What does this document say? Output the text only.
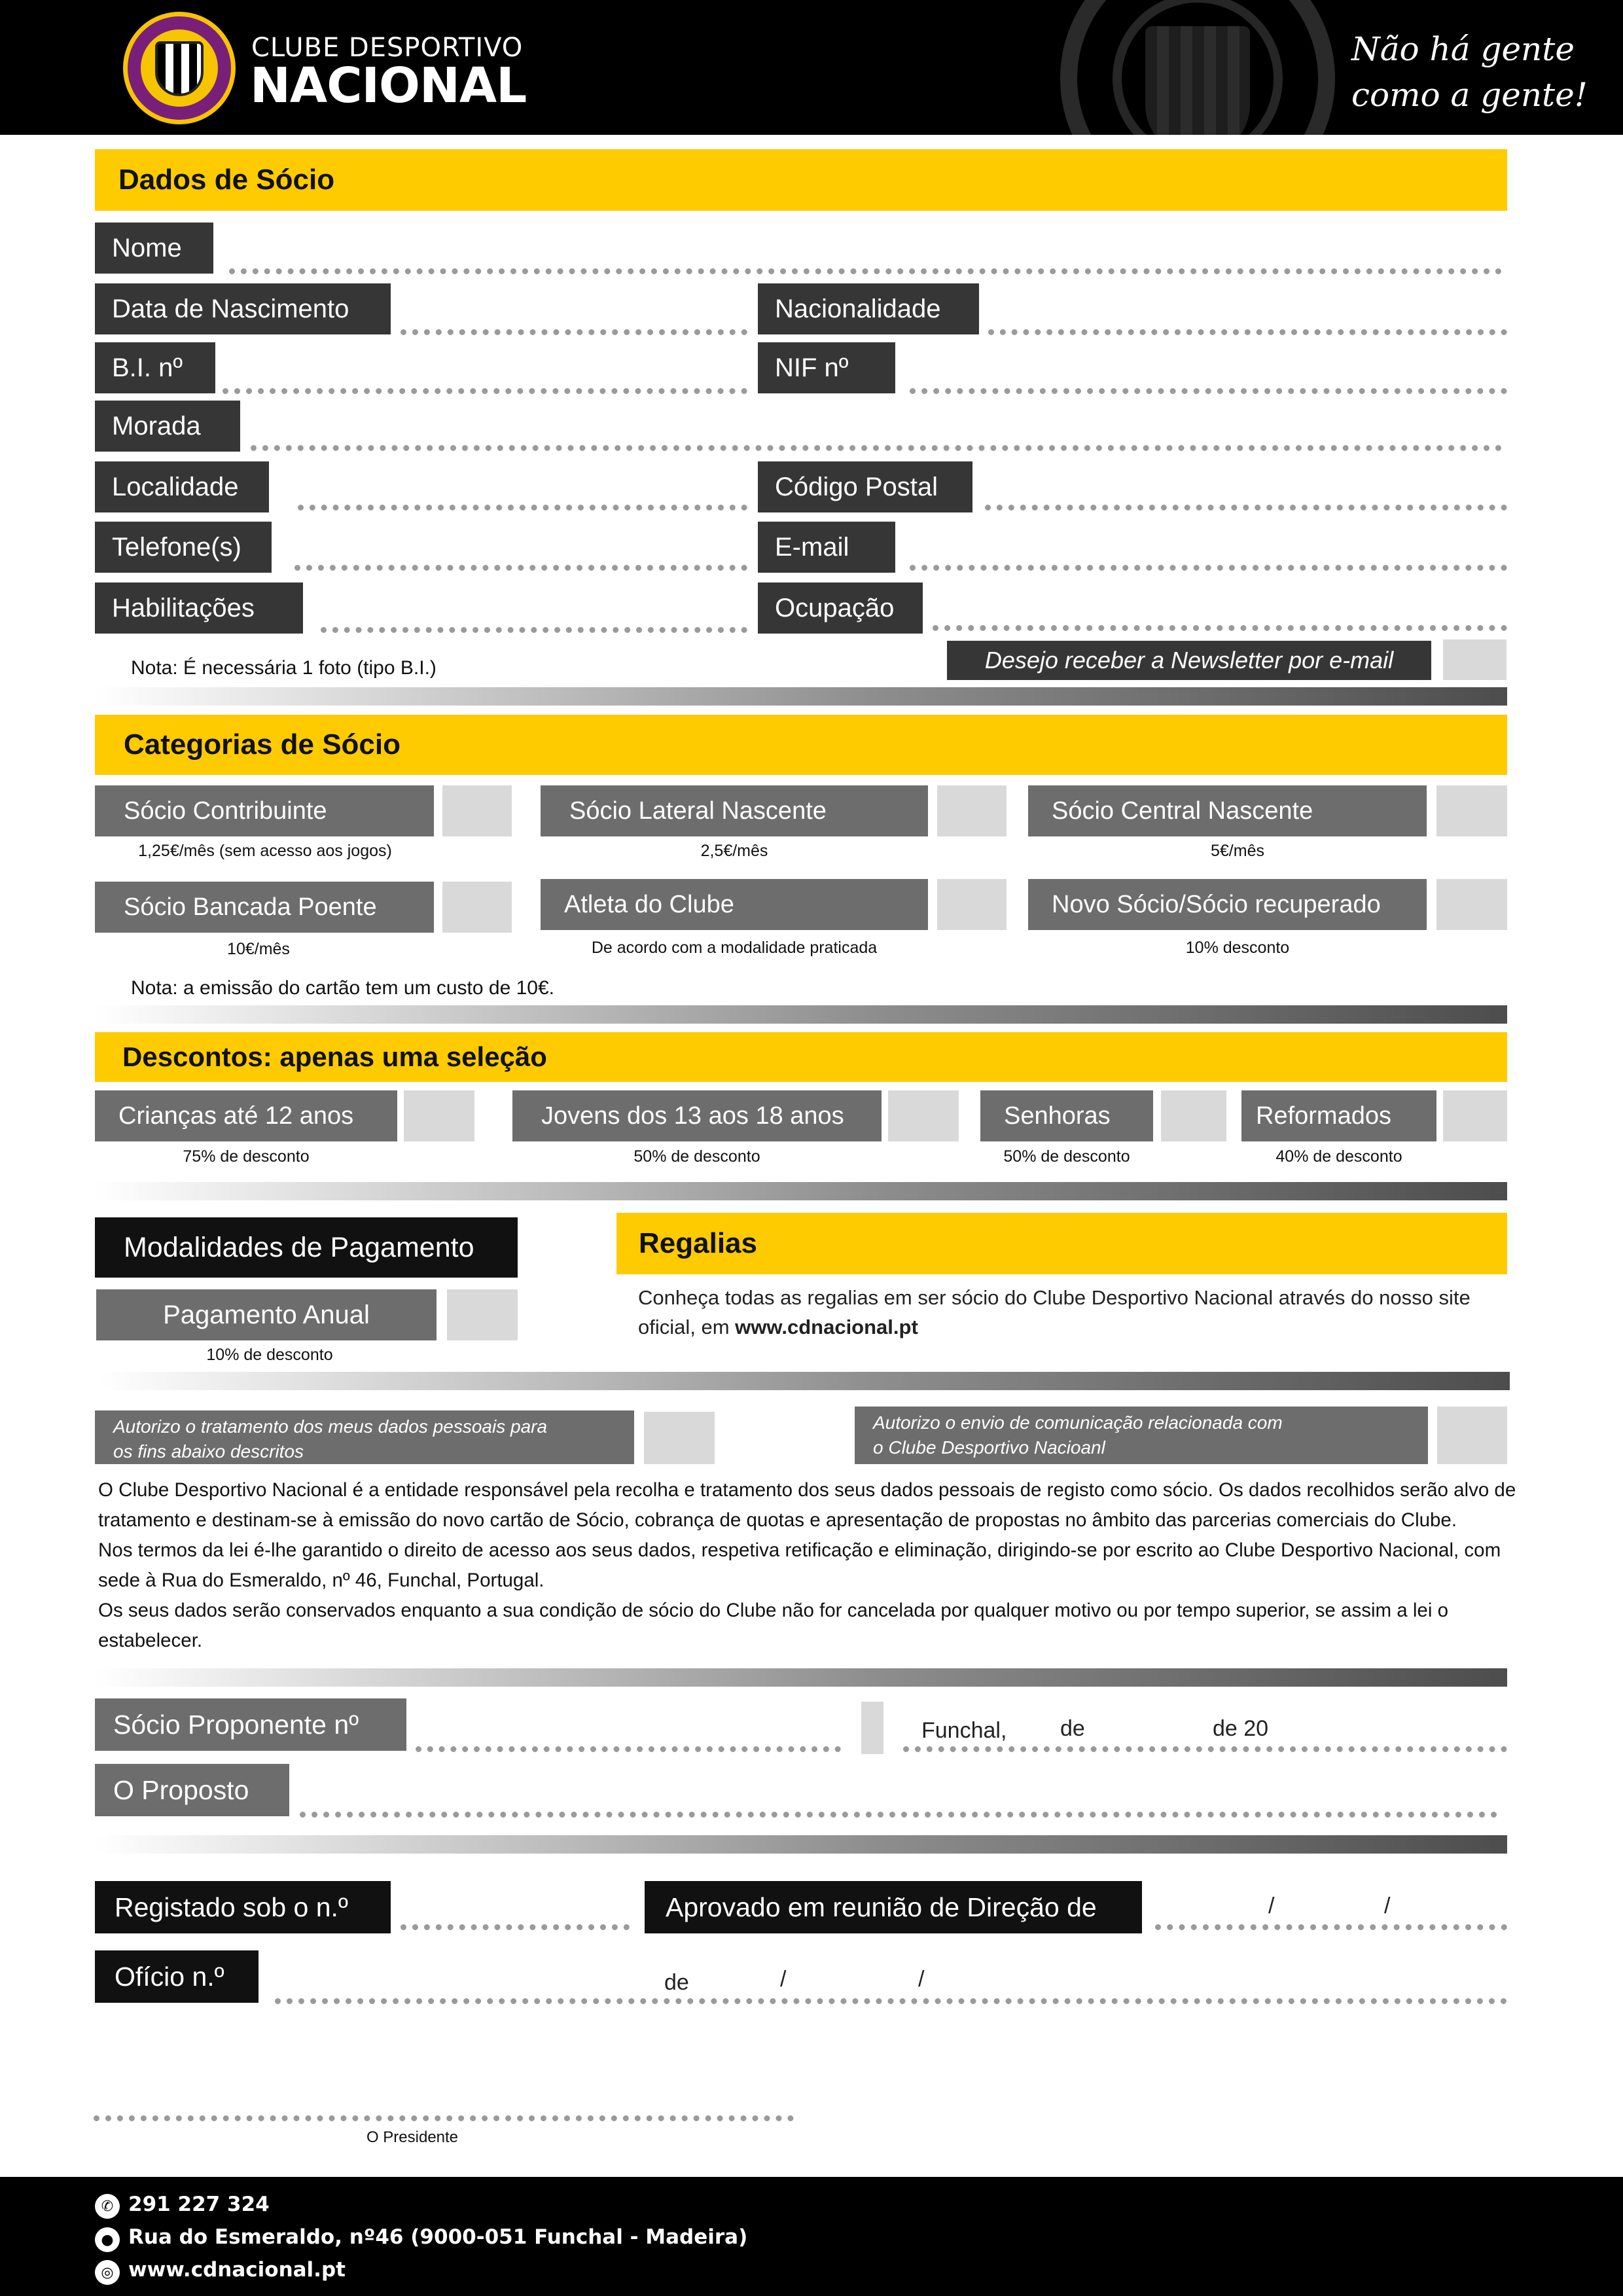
CLUBE DESPORTIVO
NACIONAL
Não há gente
como a gente!
Dados de Sócio
Nome
Data de Nascimento	Nacionalidade
B.I. nº	NIF nº
Morada
Localidade	Código Postal
Telefone(s)	E-mail
Habilitações	Ocupação
Nota: É necessária 1 foto (tipo B.I.)	Desejo receber a Newsletter por e-mail
Categorias de Sócio
Sócio Contribuinte
1,25€/mês (sem acesso aos jogos)
Sócio Lateral Nascente
2,5€/mês
Sócio Central Nascente
5€/mês
Sócio Bancada Poente
10€/mês
Atleta do Clube
De acordo com a modalidade praticada
Novo Sócio/Sócio recuperado
10% desconto
Nota: a emissão do cartão tem um custo de 10€.
Descontos: apenas uma seleção
Crianças até 12 anos
75% de desconto
Jovens dos 13 aos 18 anos
50% de desconto
Senhoras
50% de desconto
Reformados
40% de desconto
Modalidades de Pagamento
Pagamento Anual
10% de desconto
Regalias
Conheça todas as regalias em ser sócio do Clube Desportivo Nacional através do nosso site
oficial, em www.cdnacional.pt
Autorizo o tratamento dos meus dados pessoais para
os fins abaixo descritos
Autorizo o envio de comunicação relacionada com
o Clube Desportivo Nacioanl
O Clube Desportivo Nacional é a entidade responsável pela recolha e tratamento dos seus dados pessoais de registo como sócio. Os dados recolhidos serão alvo de
tratamento e destinam-se à emissão do novo cartão de Sócio, cobrança de quotas e apresentação de propostas no âmbito das parcerias comerciais do Clube.
Nos termos da lei é-lhe garantido o direito de acesso aos seus dados, respetiva retificação e eliminação, dirigindo-se por escrito ao Clube Desportivo Nacional, com
sede à Rua do Esmeraldo, nº 46, Funchal, Portugal.
Os seus dados serão conservados enquanto a sua condição de sócio do Clube não for cancelada por qualquer motivo ou por tempo superior, se assim a lei o
estabelecer.
Sócio Proponente nº	Funchal, de	de 20
O Proposto
Registado sob o n.º	Aprovado em reunião de Direção de	/	/
Ofício n.º	de	/	/
O Presidente
✆ 291 227 324
● Rua do Esmeraldo, nº46 (9000-051 Funchal - Madeira)
◎ www.cdnacional.pt
